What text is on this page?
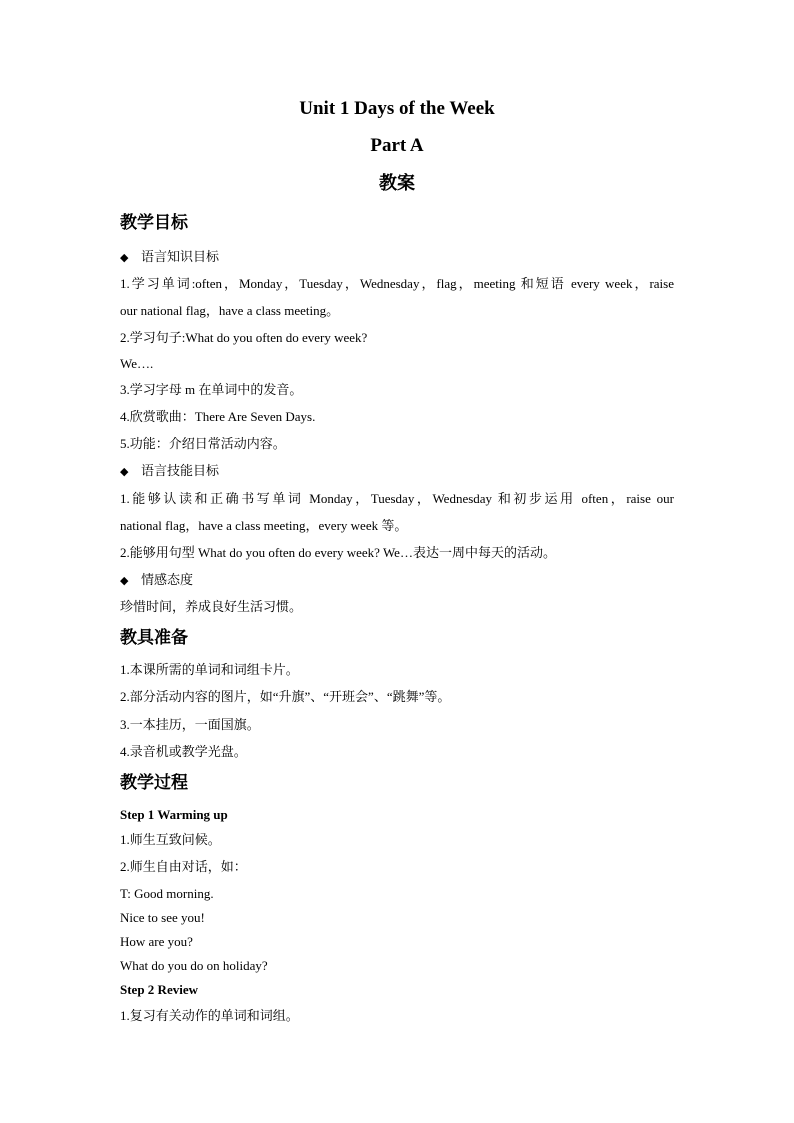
Unit 1 Days of the Week
Part A
教案
教学目标
◆ 语言知识目标
1.学习单词:often，Monday，Tuesday，Wednesday，flag，meeting 和短语 every week，raise
our national flag，have a class meeting。
2.学习句子:What do you often do every week?
We….
3.学习字母 m 在单词中的发音。
4.欣赏歌曲：There Are Seven Days.
5.功能：介绍日常活动内容。
◆ 语言技能目标
1.能够认读和正确书写单词 Monday，Tuesday，Wednesday 和初步运用 often，raise our
national flag，have a class meeting，every week 等。
2.能够用句型 What do you often do every week? We…表达一周中每天的活动。
◆ 情感态度
珍惜时间，养成良好生活习惯。
教具准备
1.本课所需的单词和词组卡片。
2.部分活动内容的图片，如“升旗”、“开班会”、“跳舞”等。
3.一本挂历，一面国旗。
4.录音机或教学光盘。
教学过程
Step 1 Warming up
1.师生互致问候。
2.师生自由对话，如：
T: Good morning.
Nice to see you!
How are you?
What do you do on holiday?
Step 2 Review
1.复习有关动作的单词和词组。
